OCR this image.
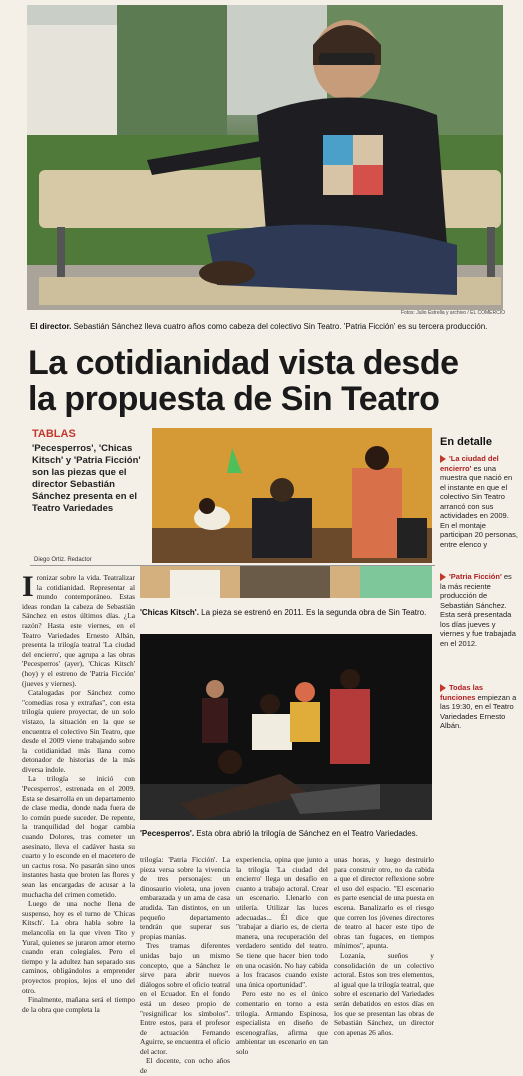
Fotos: Julio Estrella y archivo / EL COMERCIO
El director. Sebastián Sánchez lleva cuatro años como cabeza del colectivo Sin Teatro. 'Patria Ficción' es su tercera producción.
La cotidianidad vista desde
la propuesta de Sin Teatro
TABLAS
'Pecesperros', 'Chicas Kitsch' y 'Patria Ficción' son las piezas que el director Sebastián Sánchez presenta en el Teatro Variedades
Diego Ortiz. Redactor
En detalle
'La ciudad del encierro' es una muestra que nació en el instante en que el colectivo Sin Teatro arrancó con sus actividades en 2009. En el montaje participan 20 personas, entre elenco y
'Patria Ficción' es la más reciente producción de Sebastián Sánchez. Esta será presentada los días jueves y viernes y fue trabajada en el 2012.
Todas las funciones empiezan a las 19:30, en el Teatro Variedades Ernesto Albán.
I ronizar sobre la vida. Teatralizar la cotidianidad. Representar al mundo contemporáneo. Estas ideas rondan la cabeza de Sebastián Sánchez en estos últimos días. ¿La razón? Hasta este viernes, en el Teatro Variedades Ernesto Albán, presenta la trilogía teatral 'La ciudad del encierro', que agrupa a las obras 'Pecesperros' (ayer), 'Chicas Kitsch' (hoy) y el estreno de 'Patria Ficción' (jueves y viernes).

Catalogadas por Sánchez como "comedias rosa y extrañas", con esta trilogía quiere proyectar, de un solo vistazo, la situación en la que se encuentra el colectivo Sin Teatro, que desde el 2009 viene trabajando sobre la cotidianidad más llana como detonador de historias de la más diversa índole.

La trilogía se inició con 'Pecesperros', estrenada en el 2009. Esta se desarrolla en un departamento de clase media, donde nada fuera de lo común puede suceder. De repente, la tranquilidad del hogar cambia cuando Dolores, tras cometer un asesinato, lleva el cadáver hasta su cuarto y lo esconde en el macetero de un cactus rosa. No pasarán sino unos instantes hasta que broten las flores y sean las encargadas de acusar a la muchacha del crimen cometido.

Luego de una noche llena de suspenso, hoy es el turno de 'Chicas Kitsch'. La obra habla sobre la melancolía en la que viven Tito y Yural, quienes se juraron amor eterno cuando eran colegiales. Pero el tiempo y la adultez han separado sus caminos, obligándolos a emprender proyectos propios, lejos el uno del otro.

Finalmente, mañana será el tiempo de la obra que completa la

'Chicas Kitsch'. La pieza se estrenó en 2011. Es la segunda obra de Sin Teatro.
'Pecesperros'. Esta obra abrió la trilogía de Sánchez en el Teatro Variedades.

trilogía: 'Patria Ficción'. La pieza versa sobre la vivencia de tres personajes: un dinosaurio violeta, una joven embarazada y un ama de casa atudida. Tan distintos, en un pequeño departamento tendrán que superar sus propias manías.

Tres tramas diferentes unidas bajo un mismo concepto, que a Sánchez le sirve para abrir nuevos diálogos sobre el oficio teatral en el Ecuador. En el fondo está un deseo propio de "resignificar los símbolos". Entre estos, para el profesor de actuación Fernando Aguirre, se encuentra el oficio del actor.

El docente, con ocho años de

experiencia, opina que junto a la trilogía 'La ciudad del encierro' llega un desafío en cuanto a trabajo actoral. Crear un escenario. Llenarlo con utilería. Utilizar las luces adecuadas... Él dice que "trabajar a diario es, de cierta manera, una recuperación del verdadero sentido del teatro. Se tiene que hacer bien todo en una ocasión. No hay cabida a los fracasos cuando existe una única oportunidad".

Pero este no es el único comentario en torno a esta trilogía. Armando Espinosa, especialista en diseño de escenografías, afirma que ambientar un escenario en tan solo

unas horas, y luego destruirlo para construir otro, no da cabida a que el director reflexione sobre el uso del espacio. "El escenario es parte esencial de una puesta en escena. Banalizarlo es el riesgo que corren los jóvenes directores de teatro al hacer este tipo de obras tan fugaces, en tiempos mínimos", apunta.

Lozanía, sueños y consolidación de un colectivo actoral. Estos son tres elementos, al igual que la trilogía teatral, que sobre el escenario del Variedades serán debatidos en estos días en los que se presentan las obras de Sebastián Sánchez, un director con apenas 26 años.
